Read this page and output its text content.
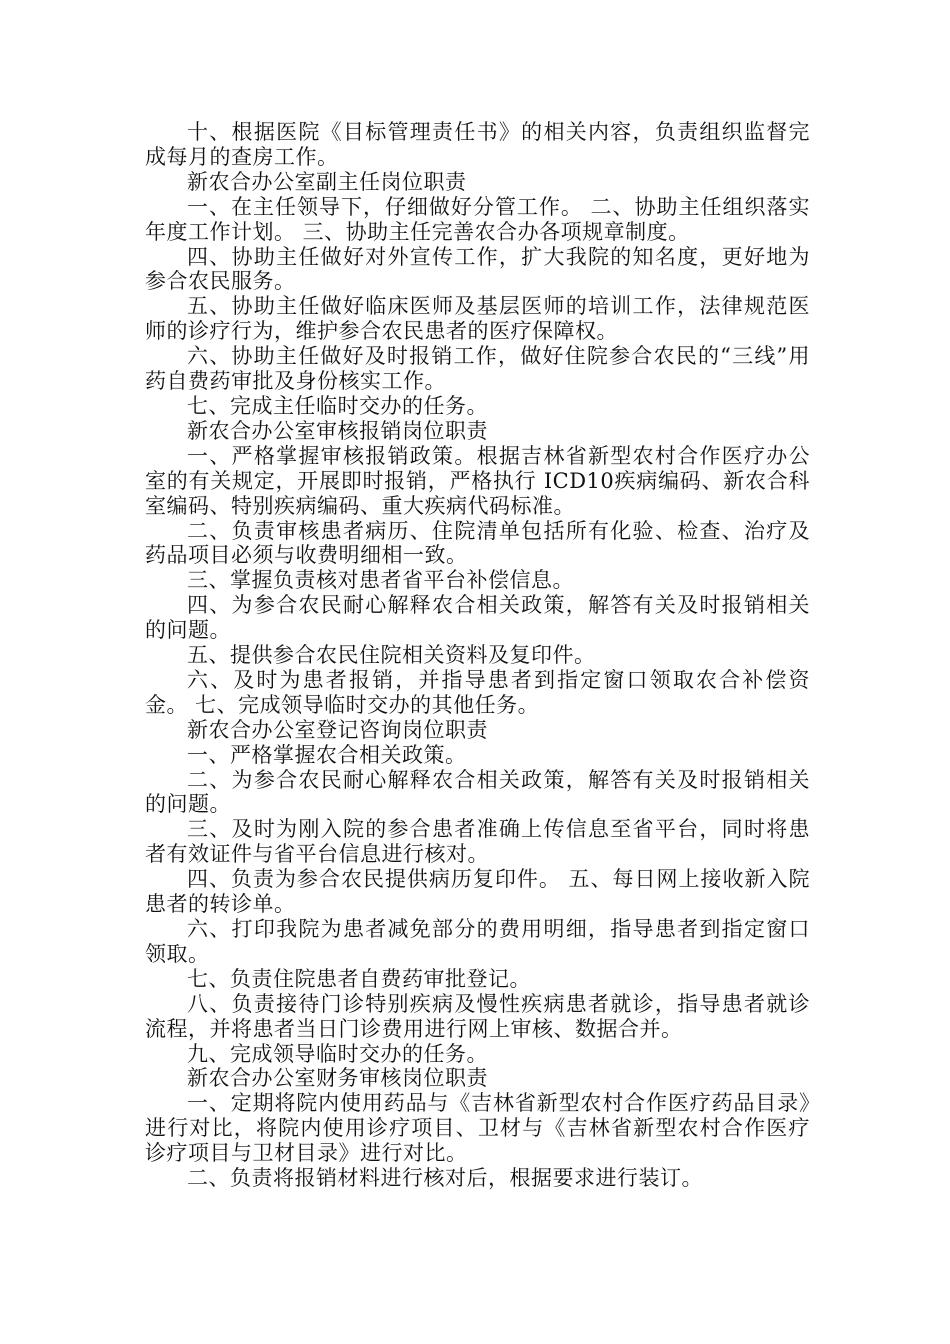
十、根据医院《目标管理责任书》的相关内容，负责组织监督完成每月的查房工作。

新农合办公室副主任岗位职责

一、在主任领导下，仔细做好分管工作。 二、协助主任组织落实年度工作计划。 三、协助主任完善农合办各项规章制度。

四、协助主任做好对外宣传工作，扩大我院的知名度，更好地为参合农民服务。

五、协助主任做好临床医师及基层医师的培训工作，法律规范医师的诊疗行为，维护参合农民患者的医疗保障权。

六、协助主任做好及时报销工作，做好住院参合农民的“三线”用药自费药审批及身份核实工作。

七、完成主任临时交办的任务。

新农合办公室审核报销岗位职责

一、严格掌握审核报销政策。根据吉林省新型农村合作医疗办公室的有关规定，开展即时报销，严格执行 ICD10疾病编码、新农合科室编码、特别疾病编码、重大疾病代码标准。

二、负责审核患者病历、住院清单包括所有化验、检查、治疗及药品项目必须与收费明细相一致。

三、掌握负责核对患者省平台补偿信息。

四、为参合农民耐心解释农合相关政策，解答有关及时报销相关的问题。

五、提供参合农民住院相关资料及复印件。

六、及时为患者报销，并指导患者到指定窗口领取农合补偿资金。 七、完成领导临时交办的其他任务。

新农合办公室登记咨询岗位职责

一、严格掌握农合相关政策。

二、为参合农民耐心解释农合相关政策，解答有关及时报销相关的问题。

三、及时为刚入院的参合患者准确上传信息至省平台，同时将患者有效证件与省平台信息进行核对。

四、负责为参合农民提供病历复印件。 五、每日网上接收新入院患者的转诊单。

六、打印我院为患者减免部分的费用明细，指导患者到指定窗口领取。

七、负责住院患者自费药审批登记。

八、负责接待门诊特别疾病及慢性疾病患者就诊，指导患者就诊流程，并将患者当日门诊费用进行网上审核、数据合并。

九、完成领导临时交办的任务。

新农合办公室财务审核岗位职责

一、定期将院内使用药品与《吉林省新型农村合作医疗药品目录》进行对比，将院内使用诊疗项目、卫材与《吉林省新型农村合作医疗诊疗项目与卫材目录》进行对比。

二、负责将报销材料进行核对后，根据要求进行装订。
